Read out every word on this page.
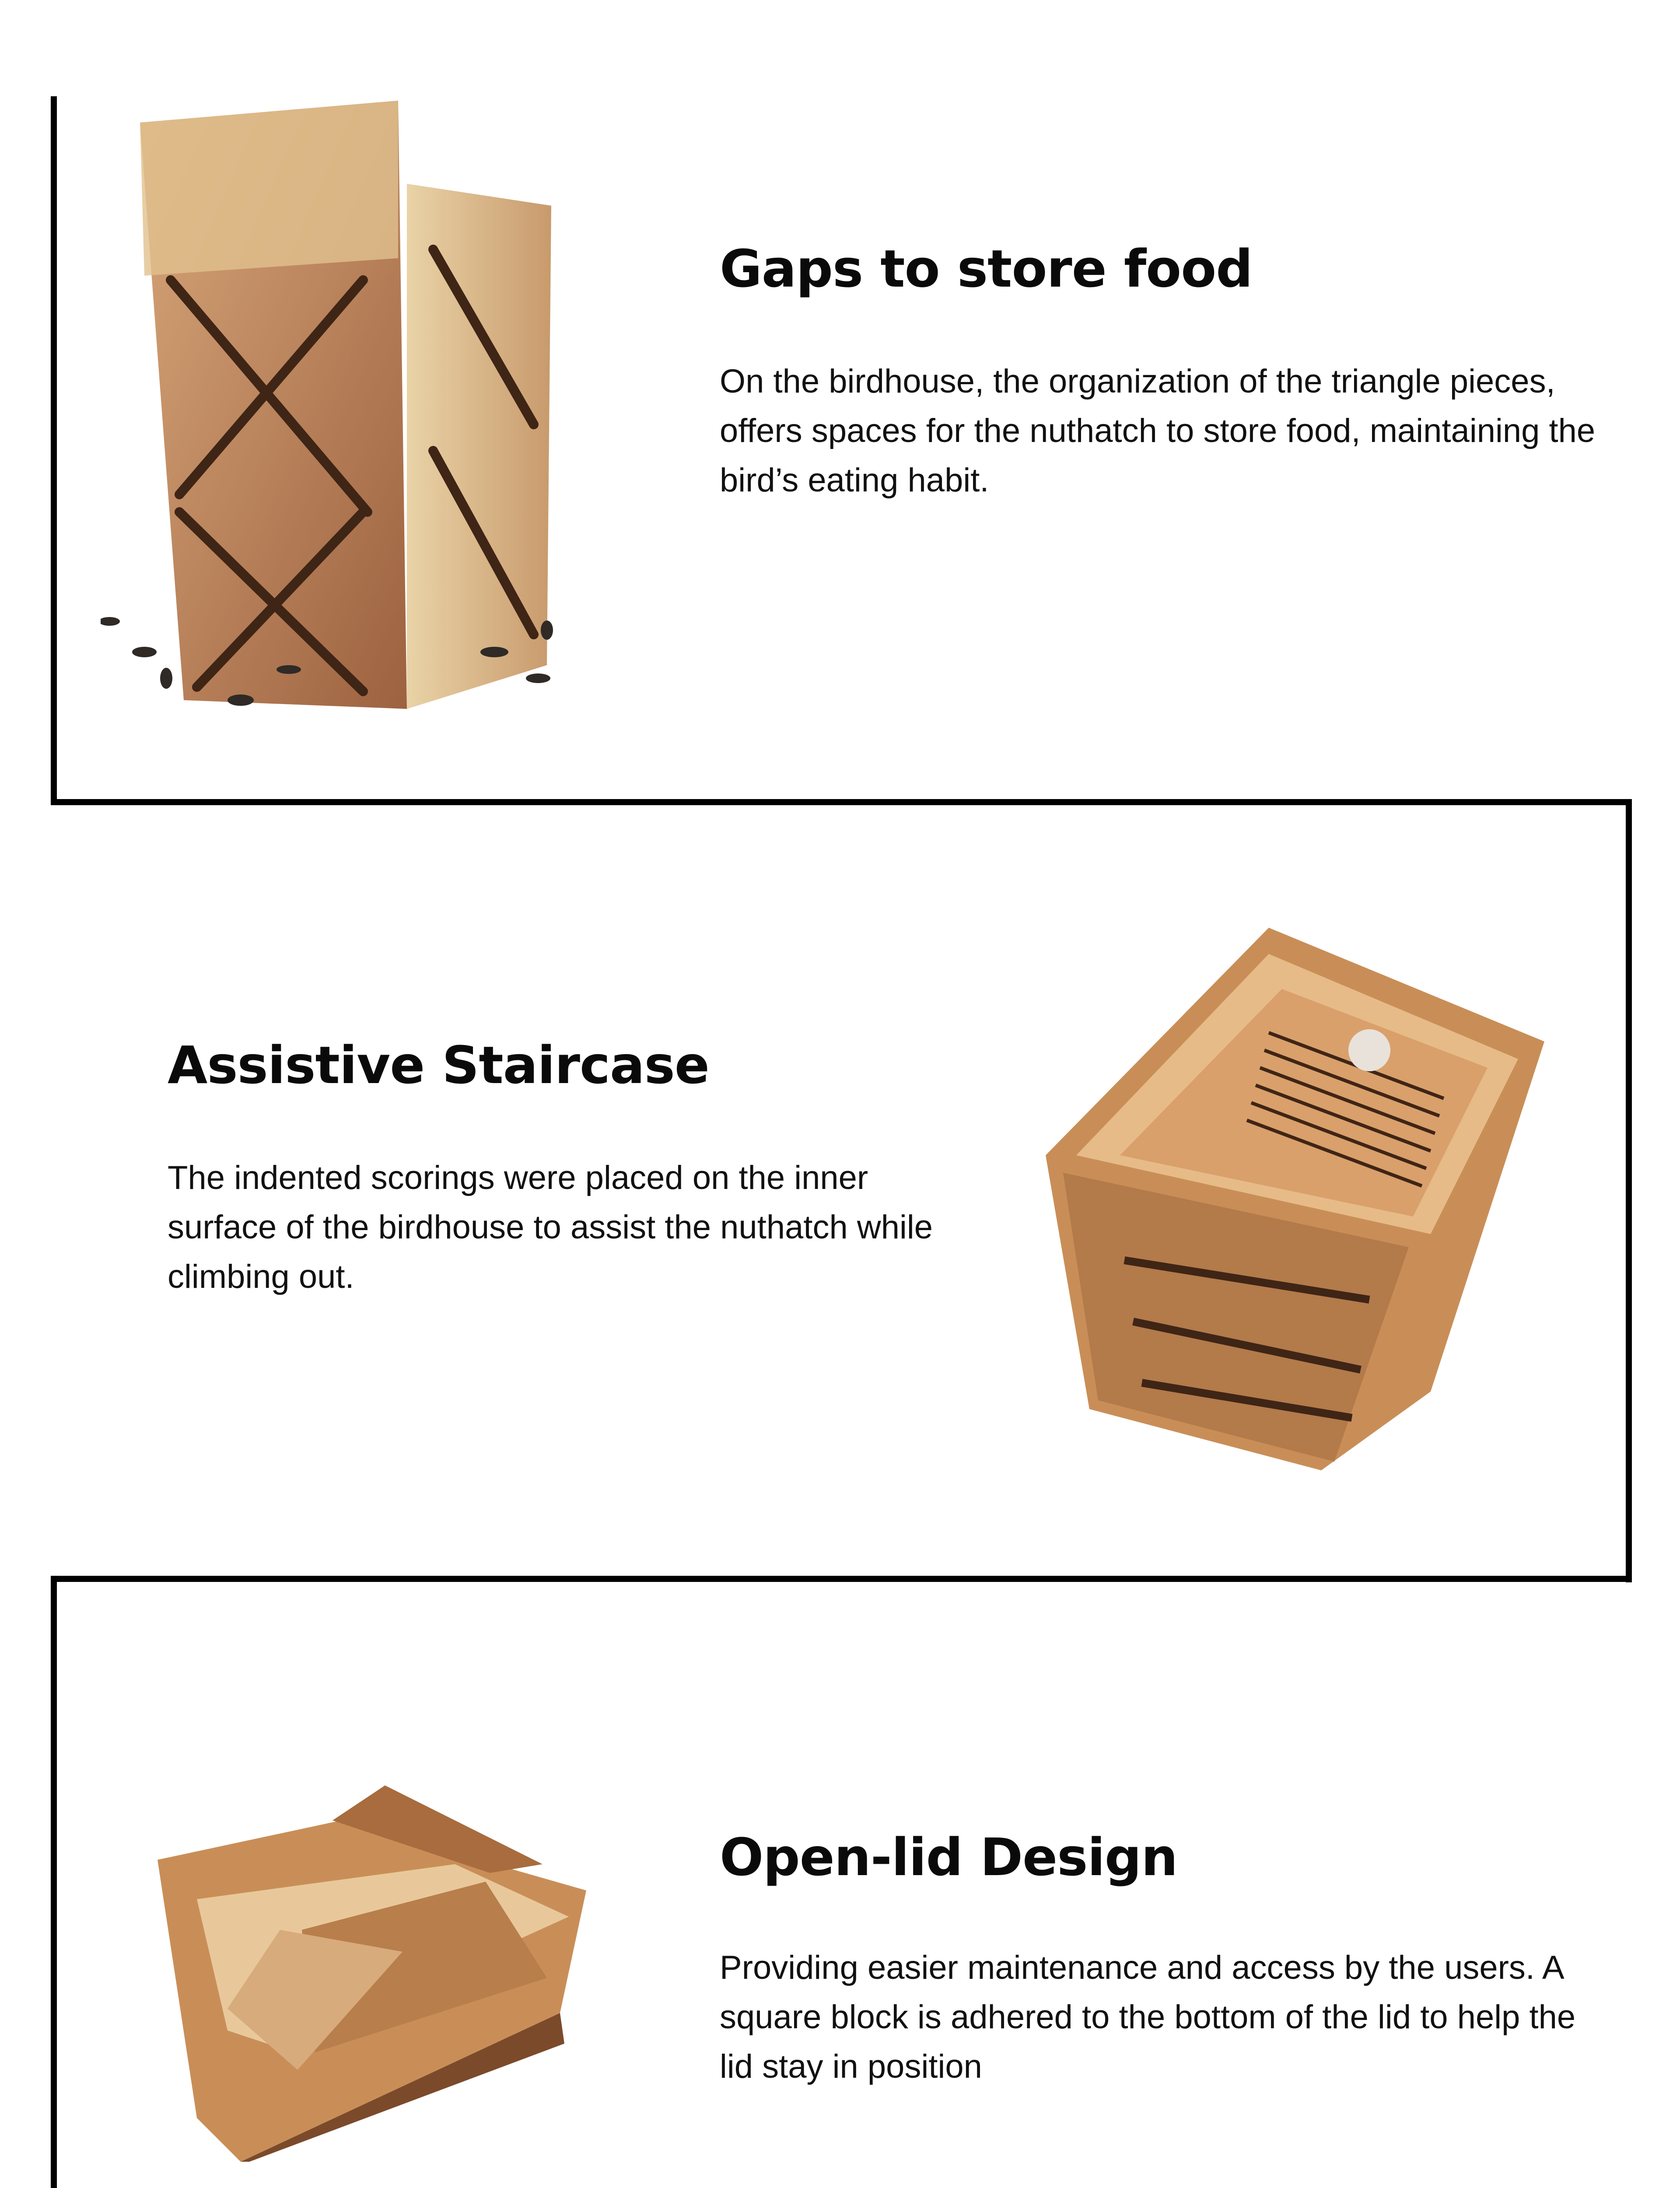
Gaps to store food

On the birdhouse, the organization of the triangle pieces, offers spaces for the nuthatch to store food, maintaining the bird’s eating habit.

Assistive Staircase

The indented scorings were placed on the inner surface of the birdhouse to assist the nuthatch while climbing out.

Open-lid Design

Providing easier maintenance and access by the users. A square block is adhered to the bottom of the lid to help the lid stay in position
